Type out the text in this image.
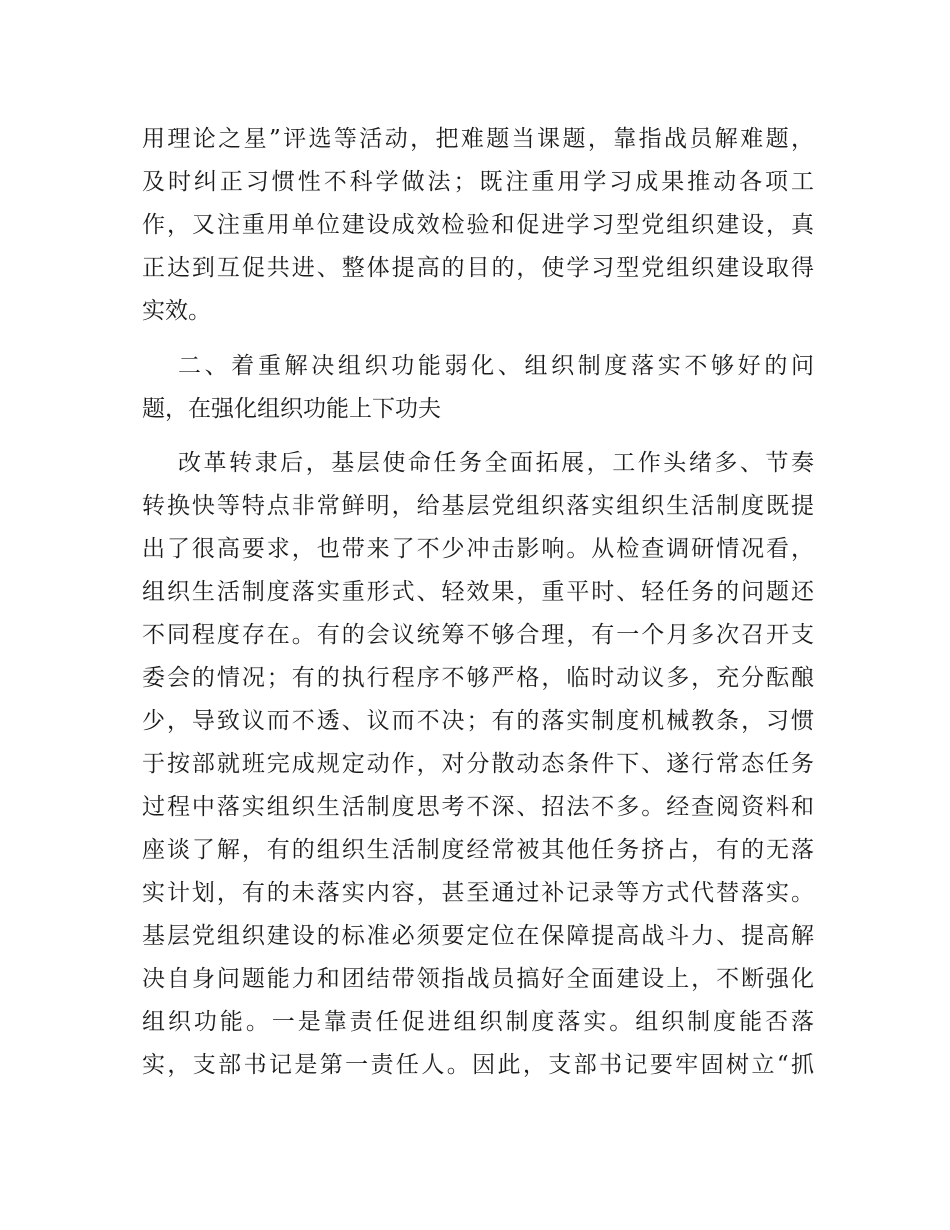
用理论之星”评选等活动，把难题当课题，靠指战员解难题，
及时纠正习惯性不科学做法；既注重用学习成果推动各项工
作，又注重用单位建设成效检验和促进学习型党组织建设，真
正达到互促共进、整体提高的目的，使学习型党组织建设取得
实效。
二、着重解决组织功能弱化、组织制度落实不够好的问
题，在强化组织功能上下功夫
改革转隶后，基层使命任务全面拓展，工作头绪多、节奏
转换快等特点非常鲜明，给基层党组织落实组织生活制度既提
出了很高要求，也带来了不少冲击影响。从检查调研情况看，
组织生活制度落实重形式、轻效果，重平时、轻任务的问题还
不同程度存在。有的会议统筹不够合理，有一个月多次召开支
委会的情况；有的执行程序不够严格，临时动议多，充分酝酿
少，导致议而不透、议而不决；有的落实制度机械教条，习惯
于按部就班完成规定动作，对分散动态条件下、遂行常态任务
过程中落实组织生活制度思考不深、招法不多。经查阅资料和
座谈了解，有的组织生活制度经常被其他任务挤占，有的无落
实计划，有的未落实内容，甚至通过补记录等方式代替落实。
基层党组织建设的标准必须要定位在保障提高战斗力、提高解
决自身问题能力和团结带领指战员搞好全面建设上，不断强化
组织功能。一是靠责任促进组织制度落实。组织制度能否落
实，支部书记是第一责任人。因此，支部书记要牢固树立“抓
